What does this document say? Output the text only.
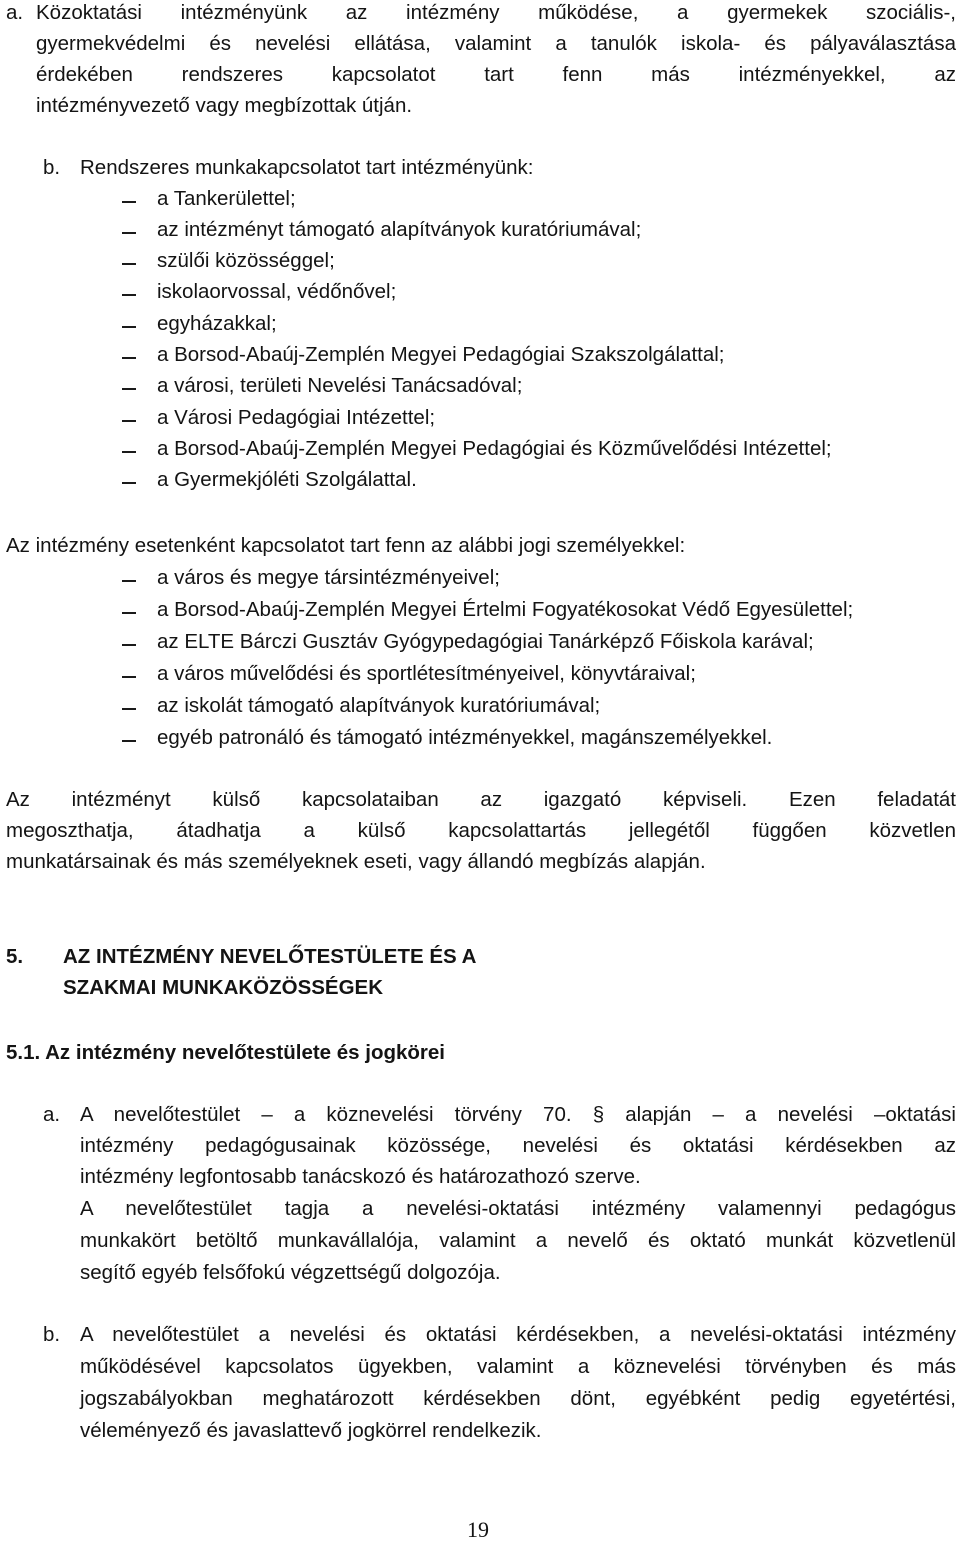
a. Közoktatási intézményünk az intézmény működése, a gyermekek szociális-,
gyermekvédelmi és nevelési ellátása, valamint a tanulók iskola- és pályaválasztása
érdekében rendszeres kapcsolatot tart fenn más intézményekkel, az
intézményvezető vagy megbízottak útján.
b. Rendszeres munkakapcsolatot tart intézményünk:
a Tankerülettel;
az intézményt támogató alapítványok kuratóriumával;
szülői közösséggel;
iskolaorvossal, védőnővel;
egyházakkal;
a Borsod-Abaúj-Zemplén Megyei Pedagógiai Szakszolgálattal;
a városi, területi Nevelési Tanácsadóval;
a Városi Pedagógiai Intézettel;
a Borsod-Abaúj-Zemplén Megyei Pedagógiai és Közművelődési Intézettel;
a Gyermekjóléti Szolgálattal.
Az intézmény esetenként kapcsolatot tart fenn az alábbi jogi személyekkel:
a város és megye társintézményeivel;
a Borsod-Abaúj-Zemplén Megyei Értelmi Fogyatékosokat Védő Egyesülettel;
az ELTE Bárczi Gusztáv Gyógypedagógiai Tanárképző Főiskola karával;
a város művelődési és sportlétesítményeivel, könyvtáraival;
az iskolát támogató alapítványok kuratóriumával;
egyéb patronáló és támogató intézményekkel, magánszemélyekkel.
Az intézményt külső kapcsolataiban az igazgató képviseli. Ezen feladatát
megoszthatja, átadhatja a külső kapcsolattartás jellegétől függően közvetlen
munkatársainak és más személyeknek eseti, vagy állandó megbízás alapján.
5. AZ INTÉZMÉNY NEVELŐTESTÜLETE ÉS A
SZAKMAI MUNKAKÖZÖSSÉGEK
5.1. Az intézmény nevelőtestülete és jogkörei
a. A nevelőtestület – a köznevelési törvény 70. § alapján – a nevelési –oktatási
intézmény pedagógusainak közössége, nevelési és oktatási kérdésekben az
intézmény legfontosabb tanácskozó és határozathozó szerve.
A nevelőtestület tagja a nevelési-oktatási intézmény valamennyi pedagógus
munkakört betöltő munkavállalója, valamint a nevelő és oktató munkát közvetlenül
segítő egyéb felsőfokú végzettségű dolgozója.
b. A nevelőtestület a nevelési és oktatási kérdésekben, a nevelési-oktatási intézmény
működésével kapcsolatos ügyekben, valamint a köznevelési törvényben és más
jogszabályokban meghatározott kérdésekben dönt, egyébként pedig egyetértési,
véleményező és javaslattevő jogkörrel rendelkezik.
19
